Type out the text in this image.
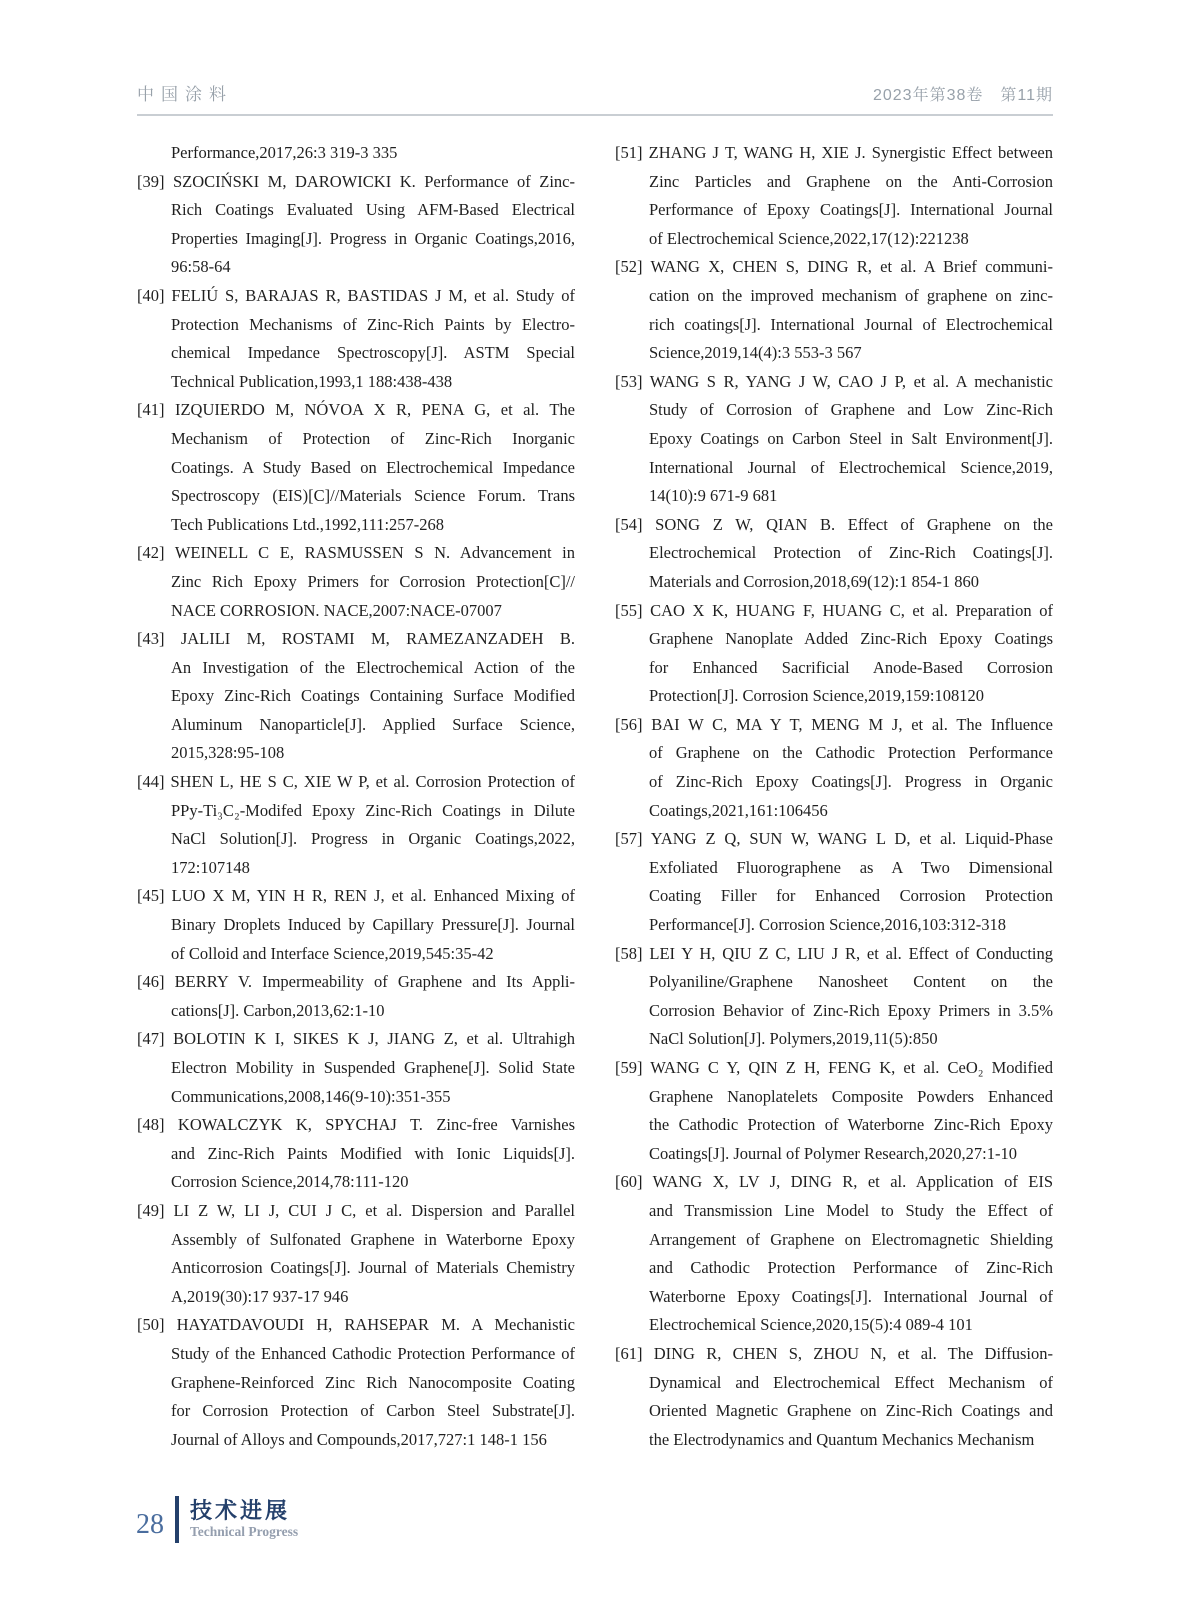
中国涂料	2023年第38卷　第11期
Performance,2017,26:3 319-3 335
[39] SZOCIŃSKI M, DAROWICKI K. Performance of Zinc-
Rich Coatings Evaluated Using AFM-Based Electrical
Properties Imaging[J]. Progress in Organic Coatings,2016,
96:58-64
[40] FELIÚ S, BARAJAS R, BASTIDAS J M, et al. Study of
Protection Mechanisms of Zinc-Rich Paints by Electro-
chemical Impedance Spectroscopy[J]. ASTM Special
Technical Publication,1993,1 188:438-438
[41] IZQUIERDO M, NÓVOA X R, PENA G, et al. The
Mechanism of Protection of Zinc-Rich Inorganic
Coatings. A Study Based on Electrochemical Impedance
Spectroscopy (EIS)[C]//Materials Science Forum. Trans
Tech Publications Ltd.,1992,111:257-268
[42] WEINELL C E, RASMUSSEN S N. Advancement in
Zinc Rich Epoxy Primers for Corrosion Protection[C]//
NACE CORROSION. NACE,2007:NACE-07007
[43] JALILI M, ROSTAMI M, RAMEZANZADEH B.
An Investigation of the Electrochemical Action of the
Epoxy Zinc-Rich Coatings Containing Surface Modified
Aluminum Nanoparticle[J]. Applied Surface Science,
2015,328:95-108
[44] SHEN L, HE S C, XIE W P, et al. Corrosion Protection of
PPy-Ti₃C₂-Modifed Epoxy Zinc-Rich Coatings in Dilute
NaCl Solution[J]. Progress in Organic Coatings,2022,
172:107148
[45] LUO X M, YIN H R, REN J, et al. Enhanced Mixing of
Binary Droplets Induced by Capillary Pressure[J]. Journal
of Colloid and Interface Science,2019,545:35-42
[46] BERRY V. Impermeability of Graphene and Its Appli-
cations[J]. Carbon,2013,62:1-10
[47] BOLOTIN K I, SIKES K J, JIANG Z, et al. Ultrahigh
Electron Mobility in Suspended Graphene[J]. Solid State
Communications,2008,146(9-10):351-355
[48] KOWALCZYK K, SPYCHAJ T. Zinc-free Varnishes
and Zinc-Rich Paints Modified with Ionic Liquids[J].
Corrosion Science,2014,78:111-120
[49] LI Z W, LI J, CUI J C, et al. Dispersion and Parallel
Assembly of Sulfonated Graphene in Waterborne Epoxy
Anticorrosion Coatings[J]. Journal of Materials Chemistry
A,2019(30):17 937-17 946
[50] HAYATDAVOUDI H, RAHSEPAR M. A Mechanistic
Study of the Enhanced Cathodic Protection Performance of
Graphene-Reinforced Zinc Rich Nanocomposite Coating
for Corrosion Protection of Carbon Steel Substrate[J].
Journal of Alloys and Compounds,2017,727:1 148-1 156
[51] ZHANG J T, WANG H, XIE J. Synergistic Effect between
Zinc Particles and Graphene on the Anti-Corrosion
Performance of Epoxy Coatings[J]. International Journal
of Electrochemical Science,2022,17(12):221238
[52] WANG X, CHEN S, DING R, et al. A Brief communi-
cation on the improved mechanism of graphene on zinc-
rich coatings[J]. International Journal of Electrochemical
Science,2019,14(4):3 553-3 567
[53] WANG S R, YANG J W, CAO J P, et al. A mechanistic
Study of Corrosion of Graphene and Low Zinc-Rich
Epoxy Coatings on Carbon Steel in Salt Environment[J].
International Journal of Electrochemical Science,2019,
14(10):9 671-9 681
[54] SONG Z W, QIAN B. Effect of Graphene on the
Electrochemical Protection of Zinc-Rich Coatings[J].
Materials and Corrosion,2018,69(12):1 854-1 860
[55] CAO X K, HUANG F, HUANG C, et al. Preparation of
Graphene Nanoplate Added Zinc-Rich Epoxy Coatings
for Enhanced Sacrificial Anode-Based Corrosion
Protection[J]. Corrosion Science,2019,159:108120
[56] BAI W C, MA Y T, MENG M J, et al. The Influence
of Graphene on the Cathodic Protection Performance
of Zinc-Rich Epoxy Coatings[J]. Progress in Organic
Coatings,2021,161:106456
[57] YANG Z Q, SUN W, WANG L D, et al. Liquid-Phase
Exfoliated Fluorographene as A Two Dimensional
Coating Filler for Enhanced Corrosion Protection
Performance[J]. Corrosion Science,2016,103:312-318
[58] LEI Y H, QIU Z C, LIU J R, et al. Effect of Conducting
Polyaniline/Graphene Nanosheet Content on the
Corrosion Behavior of Zinc-Rich Epoxy Primers in 3.5%
NaCl Solution[J]. Polymers,2019,11(5):850
[59] WANG C Y, QIN Z H, FENG K, et al. CeO₂ Modified
Graphene Nanoplatelets Composite Powders Enhanced
the Cathodic Protection of Waterborne Zinc-Rich Epoxy
Coatings[J]. Journal of Polymer Research,2020,27:1-10
[60] WANG X, LV J, DING R, et al. Application of EIS
and Transmission Line Model to Study the Effect of
Arrangement of Graphene on Electromagnetic Shielding
and Cathodic Protection Performance of Zinc-Rich
Waterborne Epoxy Coatings[J]. International Journal of
Electrochemical Science,2020,15(5):4 089-4 101
[61] DING R, CHEN S, ZHOU N, et al. The Diffusion-
Dynamical and Electrochemical Effect Mechanism of
Oriented Magnetic Graphene on Zinc-Rich Coatings and
the Electrodynamics and Quantum Mechanics Mechanism
28 技术进展
Technical Progress
